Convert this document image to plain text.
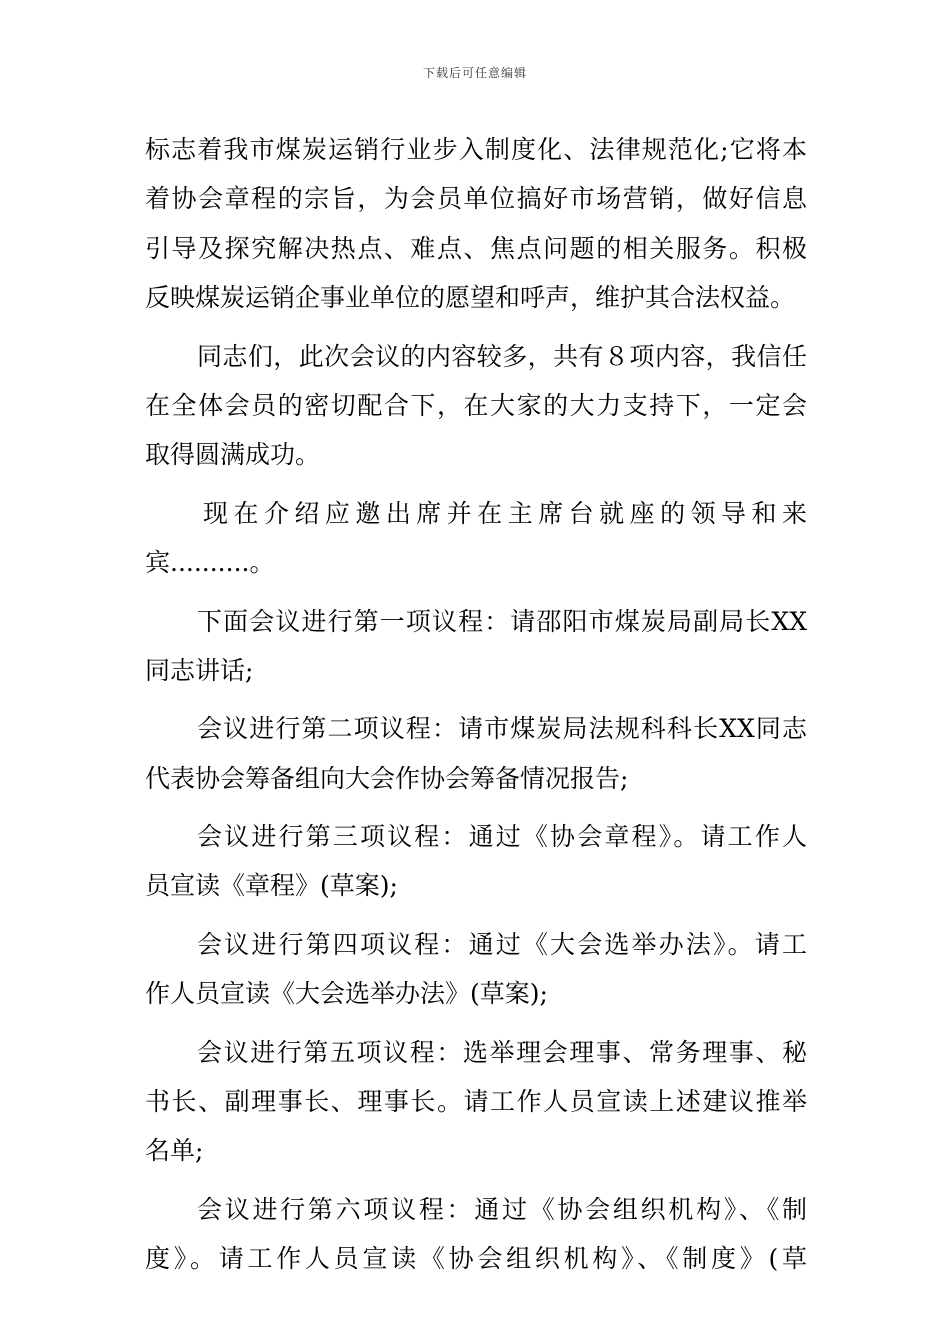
下载后可任意编辑
标志着我市煤炭运销行业步入制度化、法律规范化;它将本
着协会章程的宗旨，为会员单位搞好市场营销，做好信息
引导及探究解决热点、难点、焦点问题的相关服务。积极
反映煤炭运销企事业单位的愿望和呼声，维护其合法权益。
同志们，此次会议的内容较多，共有８项内容，我信任
在全体会员的密切配合下，在大家的大力支持下，一定会
取得圆满成功。
现在介绍应邀出席并在主席台就座的领导和来
宾..........。
下面会议进行第一项议程：请邵阳市煤炭局副局长XX
同志讲话;
会议进行第二项议程：请市煤炭局法规科科长XX同志
代表协会筹备组向大会作协会筹备情况报告;
会议进行第三项议程：通过《协会章程》。请工作人
员宣读《章程》(草案);
会议进行第四项议程：通过《大会选举办法》。请工
作人员宣读《大会选举办法》(草案);
会议进行第五项议程：选举理会理事、常务理事、秘
书长、副理事长、理事长。请工作人员宣读上述建议推举
名单;
会议进行第六项议程：通过《协会组织机构》、《制
度》。请工作人员宣读《协会组织机构》、《制度》(草
